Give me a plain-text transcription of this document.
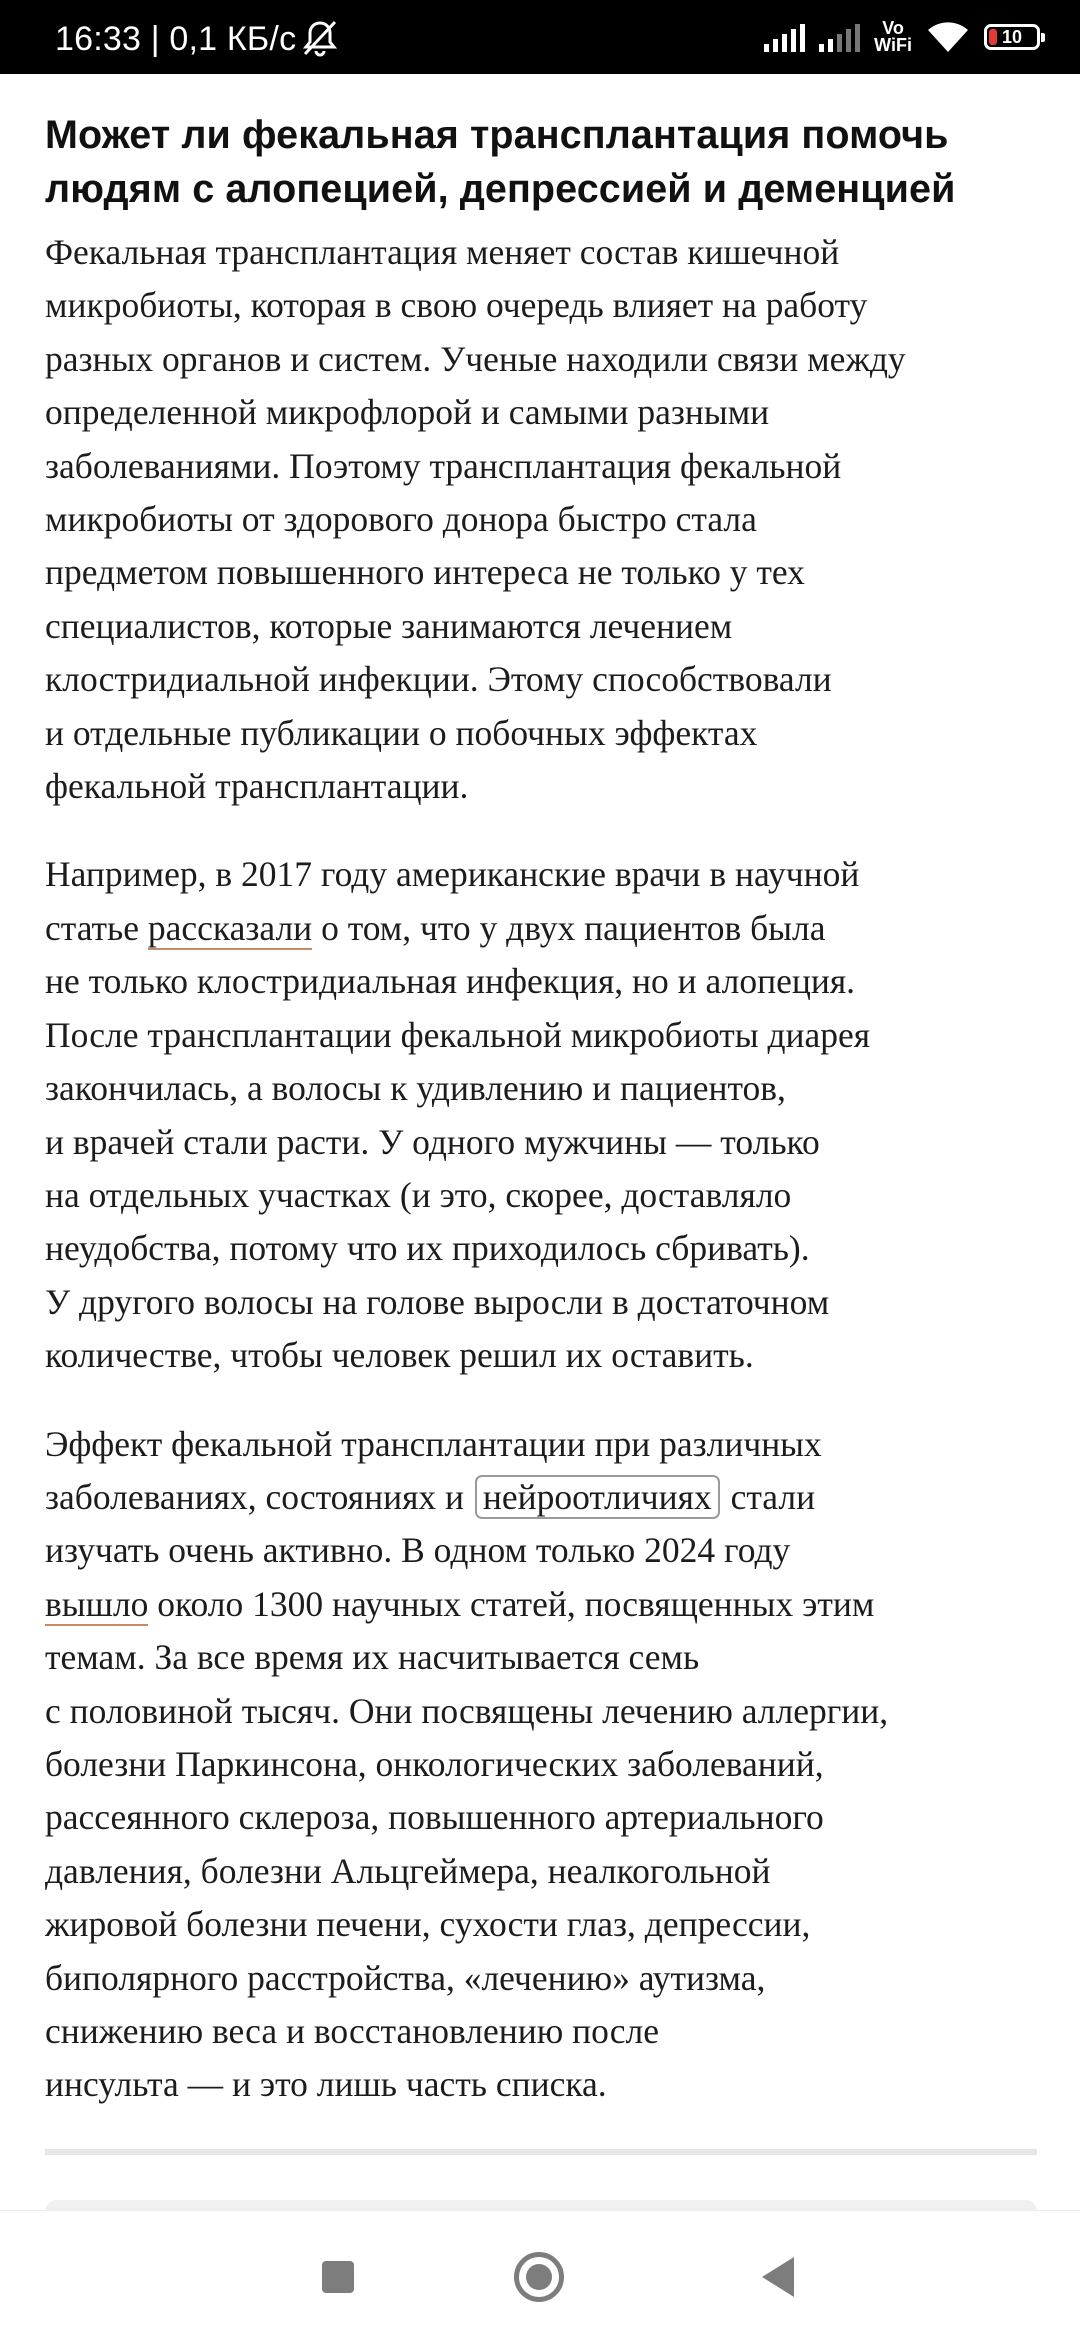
16:33 | 0,1 КБ/с	Vo
WiFi	10
Может ли фекальная трансплантация помочь
людям с алопецией, депрессией и деменцией

Фекальная трансплантация меняет состав кишечной
микробиоты, которая в свою очередь влияет на работу
разных органов и систем. Ученые находили связи между
определенной микрофлорой и самыми разными
заболеваниями. Поэтому трансплантация фекальной
микробиоты от здорового донора быстро стала
предметом повышенного интереса не только у тех
специалистов, которые занимаются лечением
клостридиальной инфекции. Этому способствовали
и отдельные публикации о побочных эффектах
фекальной трансплантации.

Например, в 2017 году американские врачи в научной
статье рассказали о том, что у двух пациентов была
не только клостридиальная инфекция, но и алопеция.
После трансплантации фекальной микробиоты диарея
закончилась, а волосы к удивлению и пациентов,
и врачей стали расти. У одного мужчины — только
на отдельных участках (и это, скорее, доставляло
неудобства, потому что их приходилось сбривать).
У другого волосы на голове выросли в достаточном
количестве, чтобы человек решил их оставить.

Эффект фекальной трансплантации при различных
заболеваниях, состояниях и нейроотличиях стали
изучать очень активно. В одном только 2024 году
вышло около 1300 научных статей, посвященных этим
темам. За все время их насчитывается семь
с половиной тысяч. Они посвящены лечению аллергии,
болезни Паркинсона, онкологических заболеваний,
рассеянного склероза, повышенного артериального
давления, болезни Альцгеймера, неалкогольной
жировой болезни печени, сухости глаз, депрессии,
биполярного расстройства, «лечению» аутизма,
снижению веса и восстановлению после
инсульта — и это лишь часть списка.
